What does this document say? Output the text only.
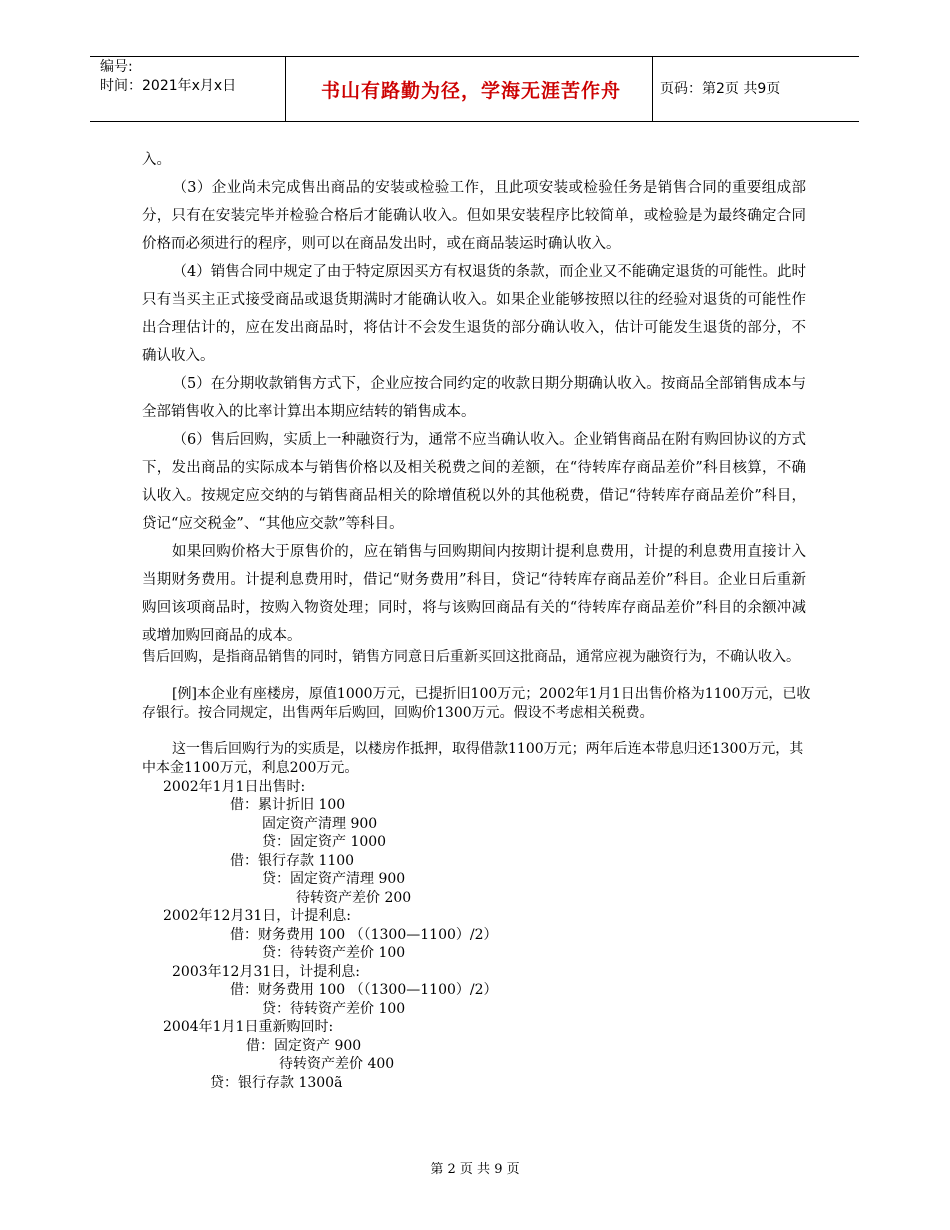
编号:
时间：2021年x月x日	书山有路勤为径，学海无涯苦作舟	页码：第2页 共9页

入。

（3）企业尚未完成售出商品的安装或检验工作，且此项安装或检验任务是销售合同的重要组成部分，只有在安装完毕并检验合格后才能确认收入。但如果安装程序比较简单，或检验是为最终确定合同价格而必须进行的程序，则可以在商品发出时，或在商品装运时确认收入。

（4）销售合同中规定了由于特定原因买方有权退货的条款，而企业又不能确定退货的可能性。此时只有当买主正式接受商品或退货期满时才能确认收入。如果企业能够按照以往的经验对退货的可能性作出合理估计的，应在发出商品时，将估计不会发生退货的部分确认收入，估计可能发生退货的部分，不确认收入。

（5）在分期收款销售方式下，企业应按合同约定的收款日期分期确认收入。按商品全部销售成本与全部销售收入的比率计算出本期应结转的销售成本。

（6）售后回购，实质上一种融资行为，通常不应当确认收入。企业销售商品在附有购回协议的方式下，发出商品的实际成本与销售价格以及相关税费之间的差额，在“待转库存商品差价”科目核算，不确认收入。按规定应交纳的与销售商品相关的除增值税以外的其他税费，借记“待转库存商品差价”科目，贷记“应交税金”、“其他应交款”等科目。

如果回购价格大于原售价的，应在销售与回购期间内按期计提利息费用，计提的利息费用直接计入当期财务费用。计提利息费用时，借记“财务费用”科目，贷记“待转库存商品差价”科目。企业日后重新购回该项商品时，按购入物资处理；同时，将与该购回商品有关的“待转库存商品差价”科目的余额冲减或增加购回商品的成本。

售后回购，是指商品销售的同时，销售方同意日后重新买回这批商品，通常应视为融资行为，不确认收入。

[例]本企业有座楼房，原值1000万元，已提折旧100万元；2002年1月1日出售价格为1100万元，已收存银行。按合同规定，出售两年后购回，回购价1300万元。假设不考虑相关税费。

这一售后回购行为的实质是，以楼房作抵押，取得借款1100万元；两年后连本带息归还1300万元，其中本金1100万元，利息200万元。

2002年1月1日出售时:
借：累计折旧 100
固定资产清理 900
贷：固定资产 1000
借：银行存款 1100
贷：固定资产清理 900
待转资产差价 200
2002年12月31日，计提利息:
借：财务费用 100 （（1300—1100）/2）
贷：待转资产差价 100
2003年12月31日，计提利息:
借：财务费用 100 （（1300—1100）/2）
贷：待转资产差价 100
2004年1月1日重新购回时:
借：固定资产 900
待转资产差价 400
贷：银行存款 1300ã
第 2 页 共 9 页
